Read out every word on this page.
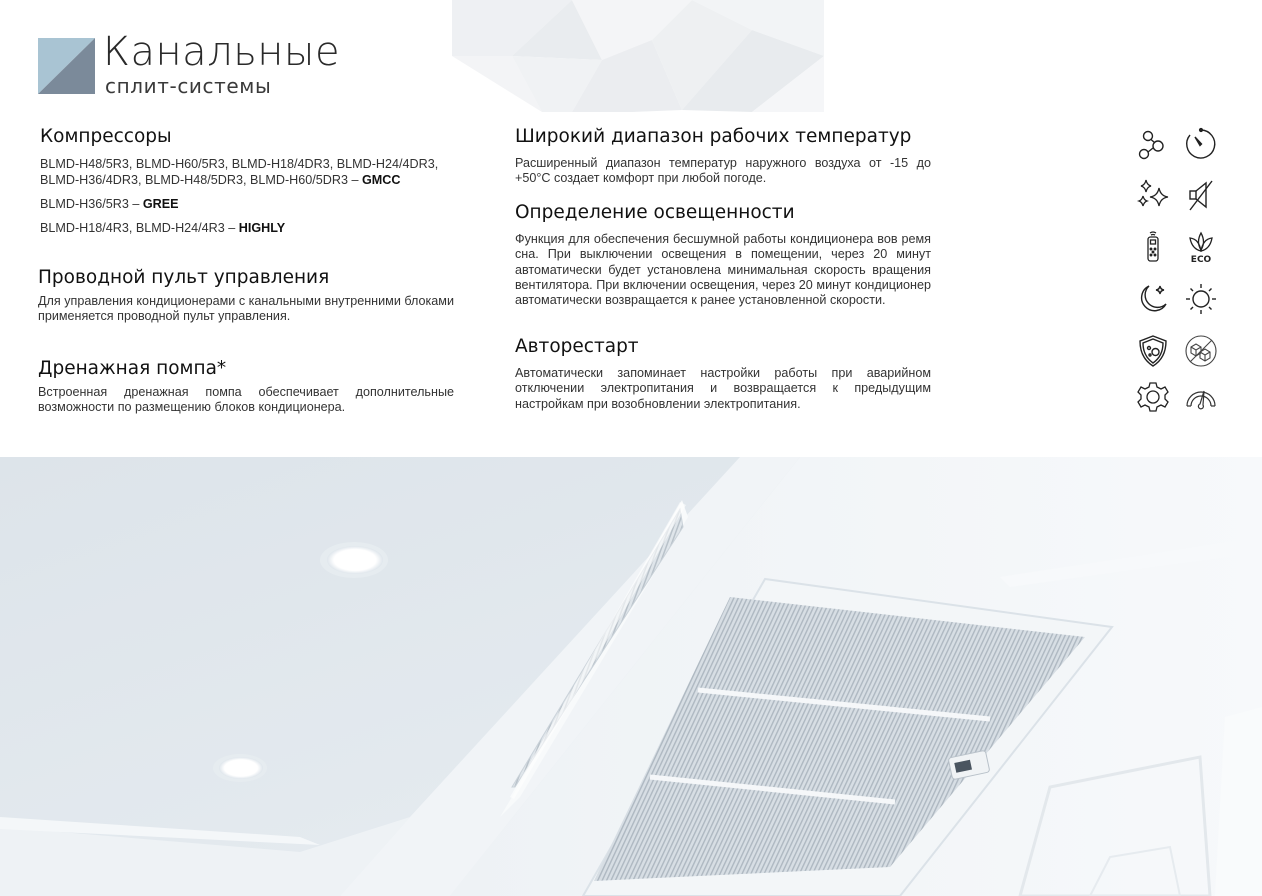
Канальные
сплит-системы
Компрессоры
BLMD-H48/5R3, BLMD-H60/5R3, BLMD-H18/4DR3, BLMD-H24/4DR3,
BLMD-H36/4DR3, BLMD-H48/5DR3, BLMD-H60/5DR3 – GMCC
BLMD-H36/5R3 – GREE
BLMD-H18/4R3, BLMD-H24/4R3 – HIGHLY
Проводной пульт управления
Для управления кондиционерами с канальными внутренними блоками применяется проводной пульт управления.
Дренажная помпа*
Встроенная дренажная помпа обеспечивает дополнительные возможности по размещению блоков кондиционера.
Широкий диапазон рабочих температур
Расширенный диапазон температур наружного воздуха от -15 до +50°С создает комфорт при любой погоде.
Определение освещенности
Функция для обеспечения бесшумной работы кондиционера вов ремя сна. При выключении освещения в помещении, через 20 минут автоматически будет установлена минимальная скорость вращения вентилятора. При включении освещения, через 20 минут кондиционер автоматически возвращается к ранее установленной скорости.
Авторестарт
Автоматически запоминает настройки работы при аварийном отключении электропитания и возвращается к предыдущим настройкам при возобновлении электропитания.
ECO
